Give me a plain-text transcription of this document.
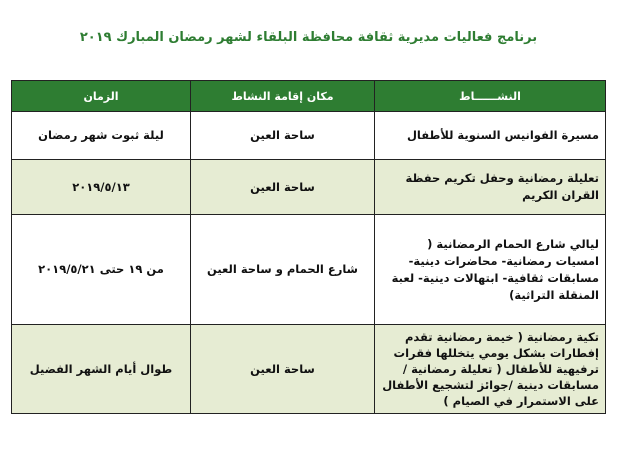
برنامج فعاليات مديرية ثقافة محافظة البلقاء لشهر رمضان المبارك ٢٠١٩
النشــــــاط	مكان إقامة النشاط	الزمان
مسيرة الفوانيس السنوية للأطفال	ساحة العين	ليلة ثبوت شهر رمضان
تعليلة رمضانية وحفل تكريم حفظة القران الكريم	ساحة العين	٢٠١٩/٥/١٣
ليالي شارع الحمام الرمضانية ( امسيات رمضانية- محاضرات دينية- مسابقات ثقافية- ابتهالات دينية- لعبة المنقلة التراثية)	شارع الحمام و ساحة العين	من ١٩ حتى ٢٠١٩/٥/٢١
تكية رمضانية ( خيمة رمضانية تقدم إفطارات بشكل يومي يتخللها فقرات ترفيهية للأطفال ( تعليلة رمضانية / مسابقات دينية /جوائز لتشجيع الأطفال على الاستمرار في الصيام )	ساحة العين	طوال أيام الشهر الفضيل
